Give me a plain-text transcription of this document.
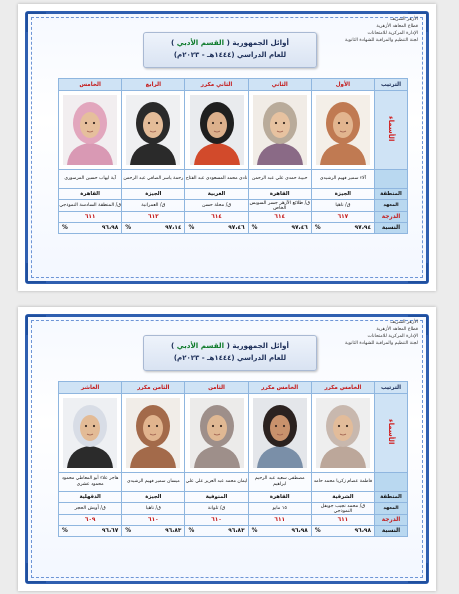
الأزهر الشريف
قطاع المعاهد الأزهرية
الإدارة المركزية للامتحانات
لجنة التنظيم والمراقبة للشهادة الثانوية
أوائل الجمهورية ( القسم الأدبي )
للعام الدراسي (١٤٤٤هـ - ٢٠٢٣م)
الترتيب	الأول	الثاني	الثاني مكرر	الرابع	الخامس
الأسماء	

	آلاء سمير فهيم الرشيدي	حبيبة حمدي علي عبد الرحمن	نادي محمد المسعودي عبد الفتاح	رحمة ياسر الصافي عبد الرحمن	آية ايهاب حسين المرسوري
المنطقة	الجيزة	القاهرة	الغربية	الجيزة	القاهرة
المعهد	ق/ ناهيا	ق/ طلائع الأزهر جسر السويس الخاص	ق/ محلة حسن	ق/ العمرانية	ق/ المنطقة السادسة النموذجي
الدرجة	٦١٧	٦١٤	٦١٤	٦١٢	٦١١
النسبة	% ٩٧،٩٤	% ٩٧،٤٦	% ٩٧،٤٦	% ٩٧،١٤	% ٩٦،٩٨
الأزهر الشريف
قطاع المعاهد الأزهرية
الإدارة المركزية للامتحانات
لجنة التنظيم والمراقبة للشهادة الثانوية
أوائل الجمهورية ( القسم الأدبي )
للعام الدراسي (١٤٤٤هـ - ٢٠٢٣م)
الترتيب	الخامس مكرر	الخامس مكرر	الثامن	الثامن مكرر	العاشر
الأسماء	

	فاطمة عصام زكريا محمد حامد	مصطفى سعيد عبد الرحيم ابراهيم	ايمان محمد عبد العزيز علي علي	ميسان سمير فهيم الرشيدي	هاجر علاء أبو المعاطي محمود محمود عشري
المنطقة	الشرقية	القاهرة	المنوفية	الجيزة	الدقهلية
المعهد	ق/ محمد نجيب جويفل النموذجي	١٥ مايو	ق/ تلوانة	ق/ ناهيا	ق/ أويش الحجر
الدرجة	٦١١	٦١١	٦١٠	٦١٠	٦٠٩
النسبة	% ٩٦،٩٨	% ٩٦،٩٨	% ٩٦،٨٣	% ٩٦،٨٣	% ٩٦،٦٧
